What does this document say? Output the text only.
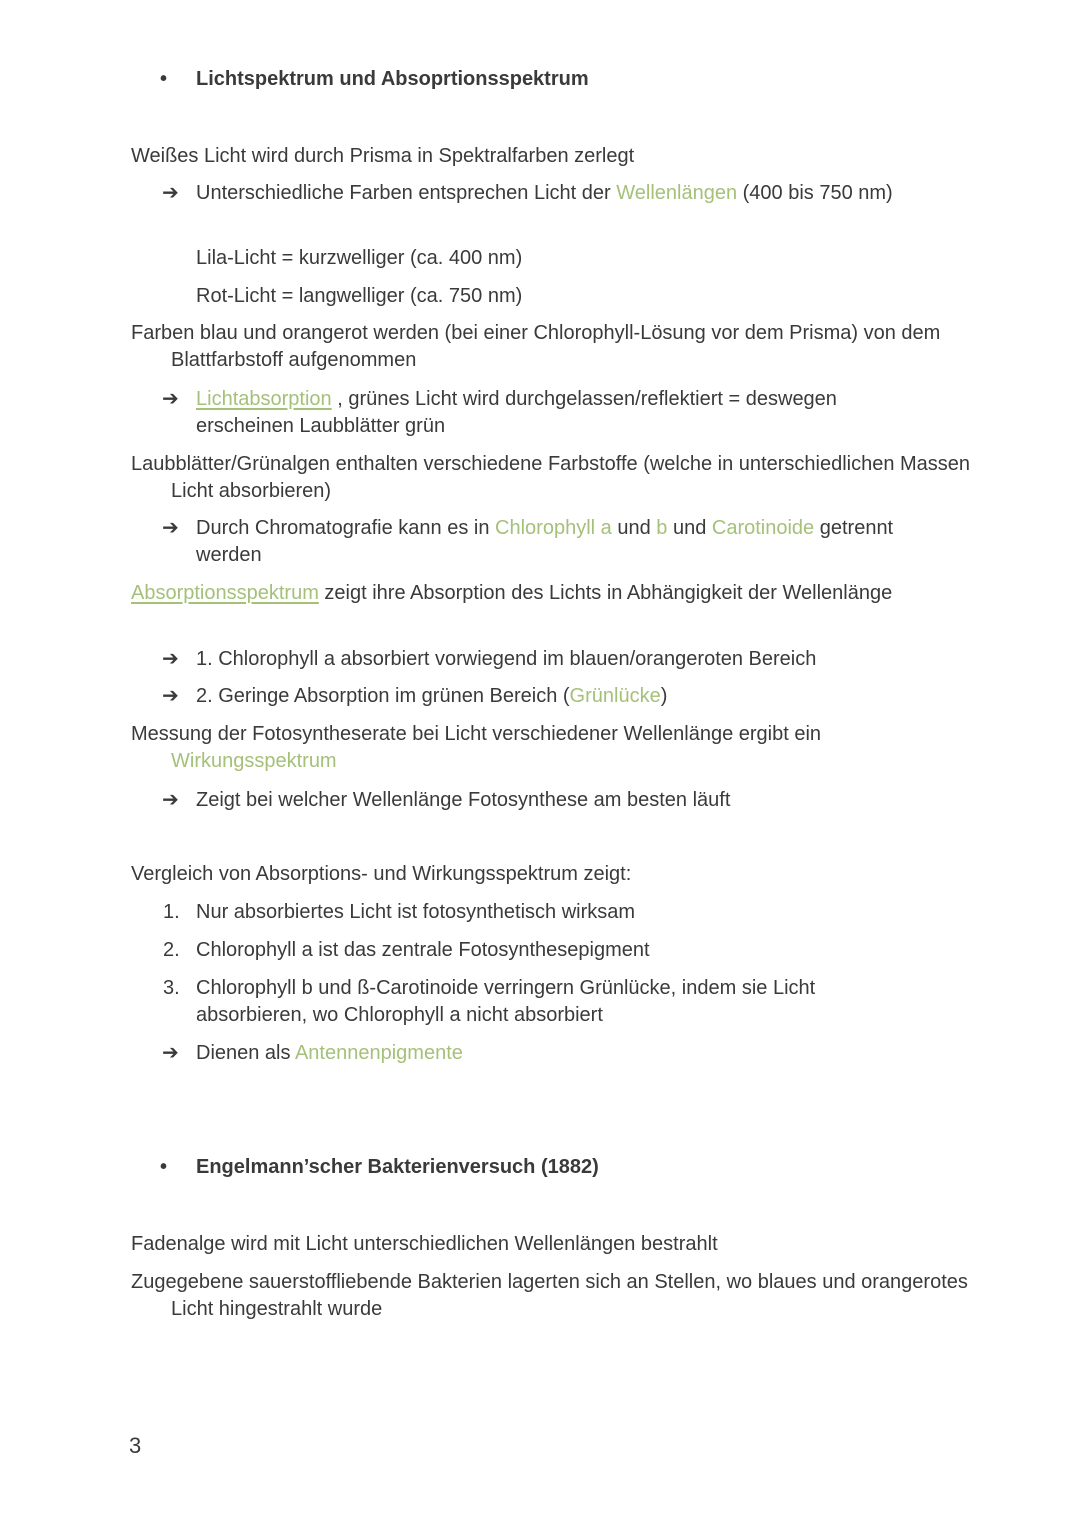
• Lichtspektrum und Absoprtionsspektrum

Weißes Licht wird durch Prisma in Spektralfarben zerlegt

➔ Unterschiedliche Farben entsprechen Licht der Wellenlängen (400 bis 750 nm)
Lila-Licht = kurzwelliger (ca. 400 nm)
Rot-Licht = langwelliger (ca. 750 nm)

Farben blau und orangerot werden (bei einer Chlorophyll-Lösung vor dem Prisma) von dem Blattfarbstoff aufgenommen

➔ Lichtabsorption , grünes Licht wird durchgelassen/reflektiert = deswegen erscheinen Laubblätter grün

Laubblätter/Grünalgen enthalten verschiedene Farbstoffe (welche in unterschiedlichen Massen Licht absorbieren)

➔ Durch Chromatografie kann es in Chlorophyll a und b und Carotinoide getrennt werden

Absorptionsspektrum zeigt ihre Absorption des Lichts in Abhängigkeit der Wellenlänge

➔ 1. Chlorophyll a absorbiert vorwiegend im blauen/orangeroten Bereich
➔ 2. Geringe Absorption im grünen Bereich (Grünlücke)

Messung der Fotosyntheserate bei Licht verschiedener Wellenlänge ergibt ein Wirkungsspektrum

➔ Zeigt bei welcher Wellenlänge Fotosynthese am besten läuft

Vergleich von Absorptions- und Wirkungsspektrum zeigt:

1. Nur absorbiertes Licht ist fotosynthetisch wirksam
2. Chlorophyll a ist das zentrale Fotosynthesepigment
3. Chlorophyll b und ß-Carotinoide verringern Grünlücke, indem sie Licht absorbieren, wo Chlorophyll a nicht absorbiert
➔ Dienen als Antennenpigmente
• Engelmann’scher Bakterienversuch (1882)

Fadenalge wird mit Licht unterschiedlichen Wellenlängen bestrahlt

Zugegebene sauerstoffliebende Bakterien lagerten sich an Stellen, wo blaues und orangerotes Licht hingestrahlt wurde

3
